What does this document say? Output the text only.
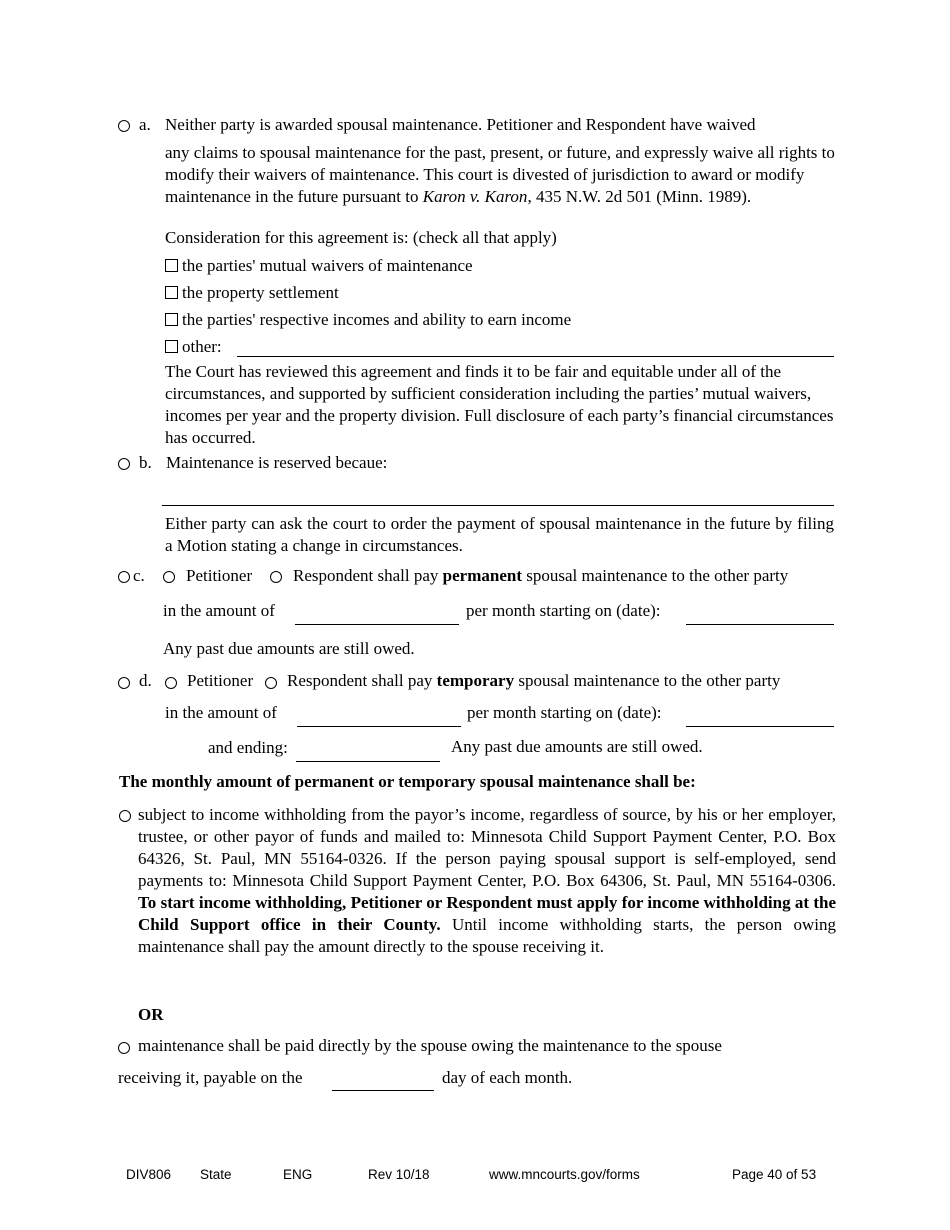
a. Neither party is awarded spousal maintenance. Petitioner and Respondent have waived
any claims to spousal maintenance for the past, present, or future, and expressly waive all rights to modify their waivers of maintenance. This court is divested of jurisdiction to award or modify maintenance in the future pursuant to Karon v. Karon, 435 N.W. 2d 501 (Minn. 1989).
Consideration for this agreement is: (check all that apply)
the parties' mutual waivers of maintenance
the property settlement
the parties' respective incomes and ability to earn income
other:
The Court has reviewed this agreement and finds it to be fair and equitable under all of the circumstances, and supported by sufficient consideration including the parties’ mutual waivers, incomes per year and the property division. Full disclosure of each party’s financial circumstances has occurred.
b. Maintenance is reserved becaue:
Either party can ask the court to order the payment of spousal maintenance in the future by filing a Motion stating a change in circumstances.
c. Petitioner Respondent shall pay permanent spousal maintenance to the other party
in the amount of	per month starting on (date):
Any past due amounts are still owed.
d. Petitioner Respondent shall pay temporary spousal maintenance to the other party
in the amount of	per month starting on (date):
and ending:	Any past due amounts are still owed.
The monthly amount of permanent or temporary spousal maintenance shall be:
subject to income withholding from the payor’s income, regardless of source, by his or her employer, trustee, or other payor of funds and mailed to: Minnesota Child Support Payment Center, P.O. Box 64326, St. Paul, MN 55164-0326. If the person paying spousal support is self-employed, send payments to: Minnesota Child Support Payment Center, P.O. Box 64306, St. Paul, MN 55164-0306. To start income withholding, Petitioner or Respondent must apply for income withholding at the Child Support office in their County. Until income withholding starts, the person owing maintenance shall pay the amount directly to the spouse receiving it.
OR
maintenance shall be paid directly by the spouse owing the maintenance to the spouse
receiving it, payable on the	day of each month.
DIV806 State	ENG	Rev 10/18	www.mncourts.gov/forms	Page 40 of 53
